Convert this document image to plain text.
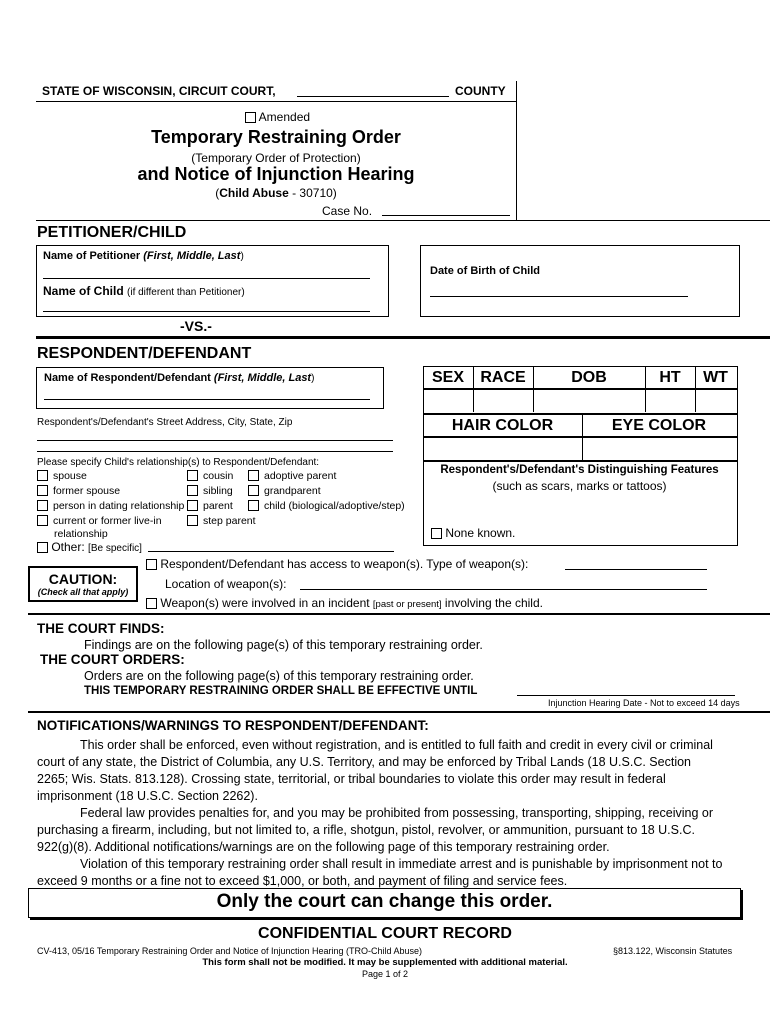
STATE OF WISCONSIN, CIRCUIT COURT,	COUNTY
Amended
Temporary Restraining Order
(Temporary Order of Protection)
and Notice of Injunction Hearing
(Child Abuse - 30710)
Case No.
PETITIONER/CHILD
Name of Petitioner (First, Middle, Last)
Name of Child (if different than Petitioner)
Date of Birth of Child
-VS.-
RESPONDENT/DEFENDANT
Name of Respondent/Defendant (First, Middle, Last)
Respondent's/Defendant's Street Address, City, State, Zip
SEX	RACE	DOB	HT	WT
HAIR COLOR	EYE COLOR
Respondent's/Defendant's Distinguishing Features
(such as scars, marks or tattoos)
None known.
Please specify Child's relationship(s) to Respondent/Defendant:
spouse
former spouse
person in dating relationship
current or former live-in
relationship
cousin
sibling
parent
step parent
adoptive parent
grandparent
child (biological/adoptive/step)
Other: [Be specific]
CAUTION:
(Check all that apply)
Respondent/Defendant has access to weapon(s). Type of weapon(s):
Location of weapon(s):
Weapon(s) were involved in an incident [past or present] involving the child.
THE COURT FINDS:
Findings are on the following page(s) of this temporary restraining order.
THE COURT ORDERS:
Orders are on the following page(s) of this temporary restraining order.
THIS TEMPORARY RESTRAINING ORDER SHALL BE EFFECTIVE UNTIL
Injunction Hearing Date - Not to exceed 14 days
NOTIFICATIONS/WARNINGS TO RESPONDENT/DEFENDANT:
This order shall be enforced, even without registration, and is entitled to full faith and credit in every civil or criminal
court of any state, the District of Columbia, any U.S. Territory, and may be enforced by Tribal Lands (18 U.S.C. Section
2265; Wis. Stats. 813.128). Crossing state, territorial, or tribal boundaries to violate this order may result in federal
imprisonment (18 U.S.C. Section 2262).
Federal law provides penalties for, and you may be prohibited from possessing, transporting, shipping, receiving or
purchasing a firearm, including, but not limited to, a rifle, shotgun, pistol, revolver, or ammunition, pursuant to 18 U.S.C.
922(g)(8). Additional notifications/warnings are on the following page of this temporary restraining order.
Violation of this temporary restraining order shall result in immediate arrest and is punishable by imprisonment not to
exceed 9 months or a fine not to exceed $1,000, or both, and payment of filing and service fees.
Only the court can change this order.
CONFIDENTIAL COURT RECORD
CV-413, 05/16 Temporary Restraining Order and Notice of Injunction Hearing (TRO-Child Abuse)	§813.122, Wisconsin Statutes
This form shall not be modified. It may be supplemented with additional material.
Page 1 of 2
